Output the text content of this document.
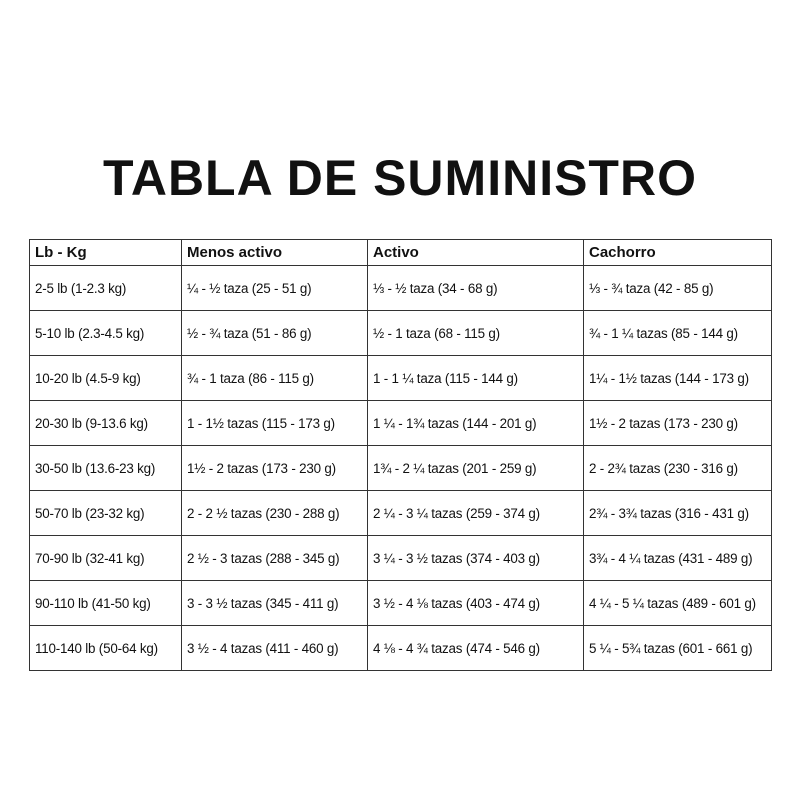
TABLA DE SUMINISTRO
Lb - Kg	Menos activo	Activo	Cachorro
2-5 lb (1-2.3 kg)	¼ - ½ taza (25 - 51 g)	⅓ - ½ taza (34 - 68 g)	⅓ - ¾ taza (42 - 85 g)
5-10 lb (2.3-4.5 kg)	½ - ¾ taza (51 - 86 g)	½ - 1 taza (68 - 115 g)	¾ - 1 ¼ tazas (85 - 144 g)
10-20 lb (4.5-9 kg)	¾ - 1 taza (86 - 115 g)	1 - 1 ¼ taza (115 - 144 g)	1¼ - 1½ tazas (144 - 173 g)
20-30 lb (9-13.6 kg)	1 - 1½ tazas (115 - 173 g)	1 ¼ - 1¾ tazas (144 - 201 g)	1½ - 2 tazas (173 - 230 g)
30-50 lb (13.6-23 kg)	1½ - 2 tazas (173 - 230 g)	1¾ - 2 ¼ tazas (201 - 259 g)	2 - 2¾ tazas (230 - 316 g)
50-70 lb (23-32 kg)	2 - 2 ½ tazas (230 - 288 g)	2 ¼ - 3 ¼ tazas (259 - 374 g)	2¾ - 3¾ tazas (316 - 431 g)
70-90 lb (32-41 kg)	2 ½ - 3 tazas (288 - 345 g)	3 ¼ - 3 ½ tazas (374 - 403 g)	3¾ - 4 ¼ tazas (431 - 489 g)
90-110 lb (41-50 kg)	3 - 3 ½ tazas (345 - 411 g)	3 ½ - 4 ⅛ tazas (403 - 474 g)	4 ¼ - 5 ¼ tazas (489 - 601 g)
110-140 lb (50-64 kg)	3 ½ - 4 tazas (411 - 460 g)	4 ⅛ - 4 ¾ tazas (474 - 546 g)	5 ¼ - 5¾ tazas (601 - 661 g)
